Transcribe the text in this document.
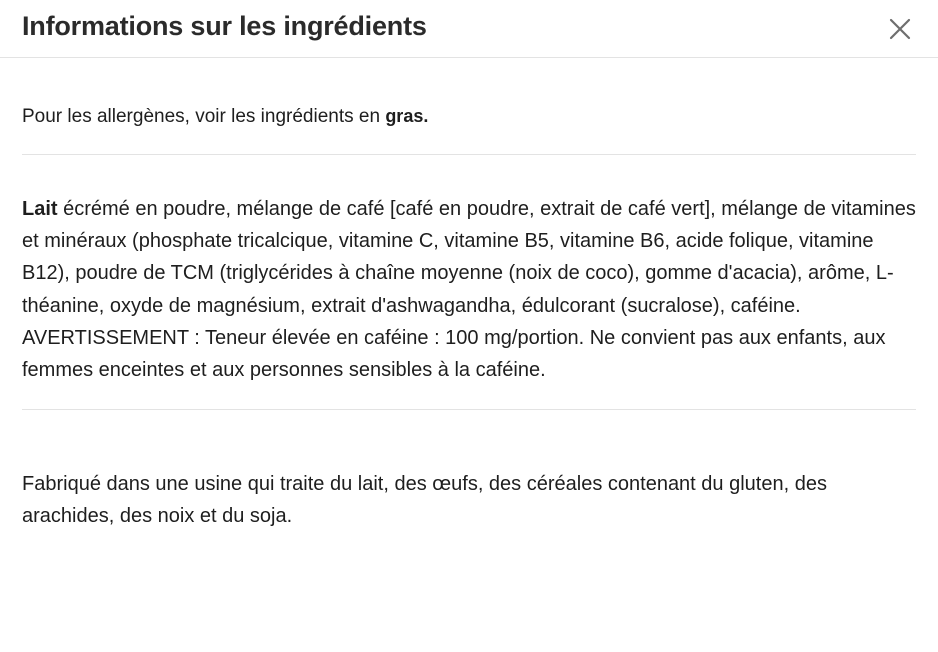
Informations sur les ingrédients

Pour les allergènes, voir les ingrédients en gras.

Lait écrémé en poudre, mélange de café [café en poudre, extrait de café vert], mélange de vitamines et minéraux (phosphate tricalcique, vitamine C, vitamine B5, vitamine B6, acide folique, vitamine B12), poudre de TCM (triglycérides à chaîne moyenne (noix de coco), gomme d'acacia), arôme, L-théanine, oxyde de magnésium, extrait d'ashwagandha, édulcorant (sucralose), caféine. AVERTISSEMENT : Teneur élevée en caféine : 100 mg/portion. Ne convient pas aux enfants, aux femmes enceintes et aux personnes sensibles à la caféine.

Fabriqué dans une usine qui traite du lait, des œufs, des céréales contenant du gluten, des arachides, des noix et du soja.
